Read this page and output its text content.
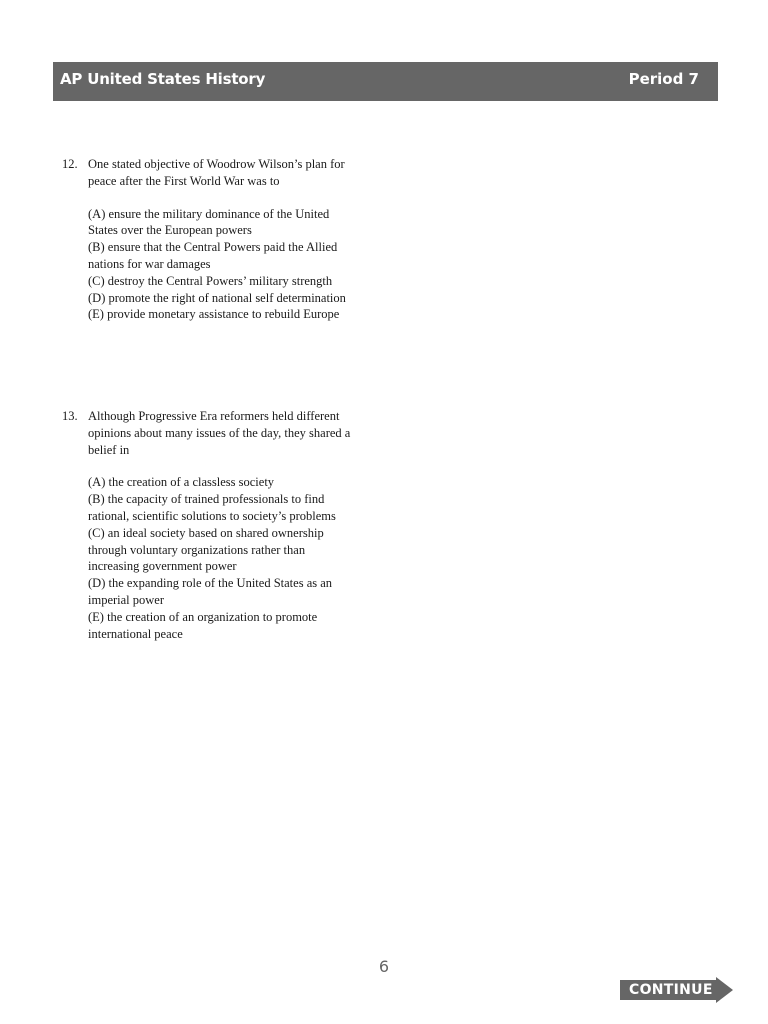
AP United States History	Period 7
12. One stated objective of Woodrow Wilson’s plan for peace after the First World War was to

(A) ensure the military dominance of the United States over the European powers

(B) ensure that the Central Powers paid the Allied nations for war damages

(C) destroy the Central Powers’ military strength

(D) promote the right of national self determination

(E) provide monetary assistance to rebuild Europe

13. Although Progressive Era reformers held different opinions about many issues of the day, they shared a belief in

(A) the creation of a classless society

(B) the capacity of trained professionals to find rational, scientific solutions to society’s problems

(C) an ideal society based on shared ownership through voluntary organizations rather than increasing government power

(D) the expanding role of the United States as an imperial power

(E) the creation of an organization to promote international peace

6
CONTINUE
